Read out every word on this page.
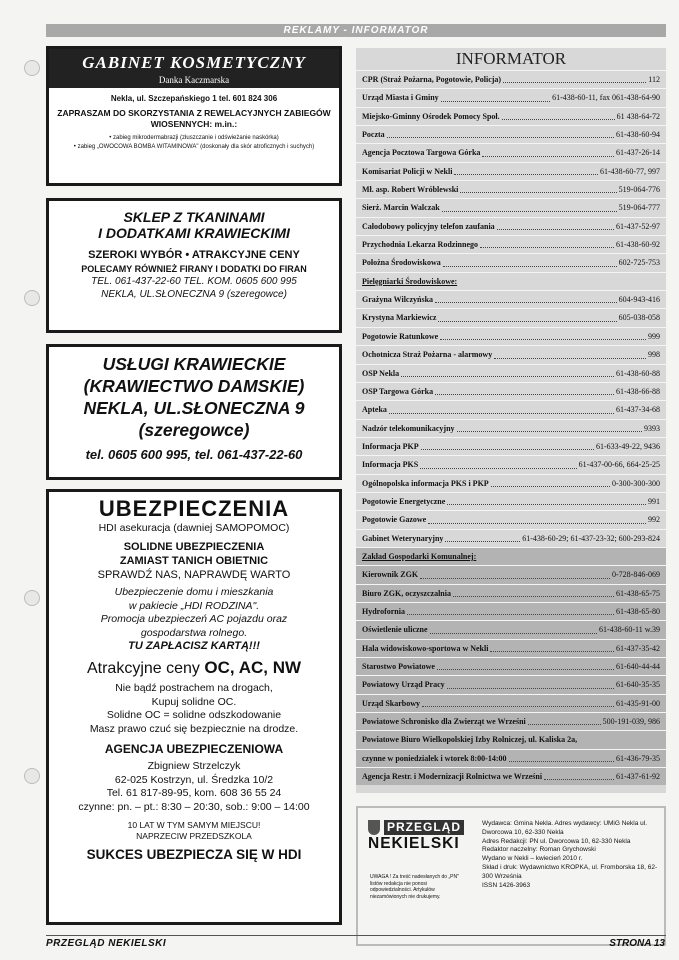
REKLAMY - INFORMATOR
GABINET KOSMETYCZNY
Danka Kaczmarska
Nekla, ul. Szczepańskiego 1 tel. 601 824 306
ZAPRASZAM DO SKORZYSTANIA Z REWELACYJNYCH ZABIEGÓW WIOSENNYCH: m.in.:
• zabieg mikrodermabrazji (złuszczanie i odświeżanie naskórka)
• zabieg „OWOCOWA BOMBA WITAMINOWA" (doskonały dla skór atroficznych i suchych)
SKLEP Z TKANINAMI
I DODATKAMI KRAWIECKIMI
SZEROKI WYBÓR • ATRAKCYJNE CENY
POLECAMY RÓWNIEŻ FIRANY I DODATKI DO FIRAN
TEL. 061-437-22-60 TEL. KOM. 0605 600 995
NEKLA, UL.SŁONECZNA 9 (szeregowce)
USŁUGI KRAWIECKIE
(KRAWIECTWO DAMSKIE)
NEKLA, UL.SŁONECZNA 9
(szeregowce)
tel. 0605 600 995, tel. 061-437-22-60
UBEZPIECZENIA
HDI asekuracja (dawniej SAMOPOMOC)
SOLIDNE UBEZPIECZENIA
ZAMIAST TANICH OBIETNIC
SPRAWDŹ NAS, NAPRAWDĘ WARTO
Ubezpieczenie domu i mieszkania
w pakiecie „HDI RODZINA".
Promocja ubezpieczeń AC pojazdu oraz
gospodarstwa rolnego.
TU ZAPŁACISZ KARTĄ!!!
Atrakcyjne ceny OC, AC, NW
Nie bądź postrachem na drogach,
Kupuj solidne OC.
Solidne OC = solidne odszkodowanie
Masz prawo czuć się bezpiecznie na drodze.
AGENCJA UBEZPIECZENIOWA
Zbigniew Strzelczyk
62-025 Kostrzyn, ul. Średzka 10/2
Tel. 61 817-89-95, kom. 608 36 55 24
czynne: pn. – pt.: 8:30 – 20:30, sob.: 9:00 – 14:00
10 LAT W TYM SAMYM MIEJSCU!
NAPRZECIW PRZEDSZKOLA
SUKCES UBEZPIECZA SIĘ W HDI
INFORMATOR
CPR (Straż Pożarna, Pogotowie, Policja)	112
Urząd Miasta i Gminy	61-438-60-11, fax 061-438-64-90
Miejsko-Gminny Ośrodek Pomocy Społ.	61 438-64-72
Poczta	61-438-60-94
Agencja Pocztowa Targowa Górka	61-437-26-14
Komisariat Policji w Nekli	61-438-60-77, 997
Mł. asp. Robert Wróblewski	519-064-776
Sierż. Marcin Walczak	519-064-777
Całodobowy policyjny telefon zaufania	61-437-52-97
Przychodnia Lekarza Rodzinnego	61-438-60-92
Położna Środowiskowa	602-725-753
Pielęgniarki Środowiskowe:
Grażyna Wilczyńska	604-943-416
Krystyna Markiewicz	605-038-058
Pogotowie Ratunkowe	999
Ochotnicza Straż Pożarna - alarmowy	998
OSP Nekla	61-438-60-88
OSP Targowa Górka	61-438-66-88
Apteka	61-437-34-68
Nadzór telekomunikacyjny	9393
Informacja PKP	61-633-49-22, 9436
Informacja PKS	61-437-00-66, 664-25-25
Ogólnopolska informacja PKS i PKP	0-300-300-300
Pogotowie Energetyczne	991
Pogotowie Gazowe	992
Gabinet Weterynaryjny	61-438-60-29; 61-437-23-32; 600-293-824
Zakład Gospodarki Komunalnej:
Kierownik ZGK	0-728-846-069
Biuro ZGK, oczyszczalnia	61-438-65-75
Hydrofornia	61-438-65-80
Oświetlenie uliczne	61-438-60-11 w.39
Hala widowiskowo-sportowa w Nekli	61-437-35-42
Starostwo Powiatowe	61-640-44-44
Powiatowy Urząd Pracy	61-640-35-35
Urząd Skarbowy	61-435-91-00
Powiatowe Schronisko dla Zwierząt we Wrześni	500-191-039, 986
Powiatowe Biuro Wielkopolskiej Izby Rolniczej, ul. Kaliska 2a,
czynne w poniedziałek i wtorek 8:00-14:00	61-436-79-35
Agencja Restr. i Modernizacji Rolnictwa we Wrześni	61-437-61-92
PRZEGLĄD
NEKIELSKI
UWAGA ! Za treść nadesłanych do „PN" listów redakcja nie ponosi odpowiedzialności. Artykułów niezamówionych nie drukujemy.
Wydawca: Gmina Nekla. Adres wydawcy: UMiG Nekla ul. Dworcowa 10, 62-330 Nekla
Adres Redakcji: PN ul. Dworcowa 10, 62-330 Nekla
Redaktor naczelny: Roman Grychowski
Wydano w Nekli – kwiecień 2010 r.
Skład i druk: Wydawnictwo KROPKA, ul. Fromborska 18, 62-300 Września
ISSN 1426-3963
PRZEGLĄD NEKIELSKI	STRONA 13
